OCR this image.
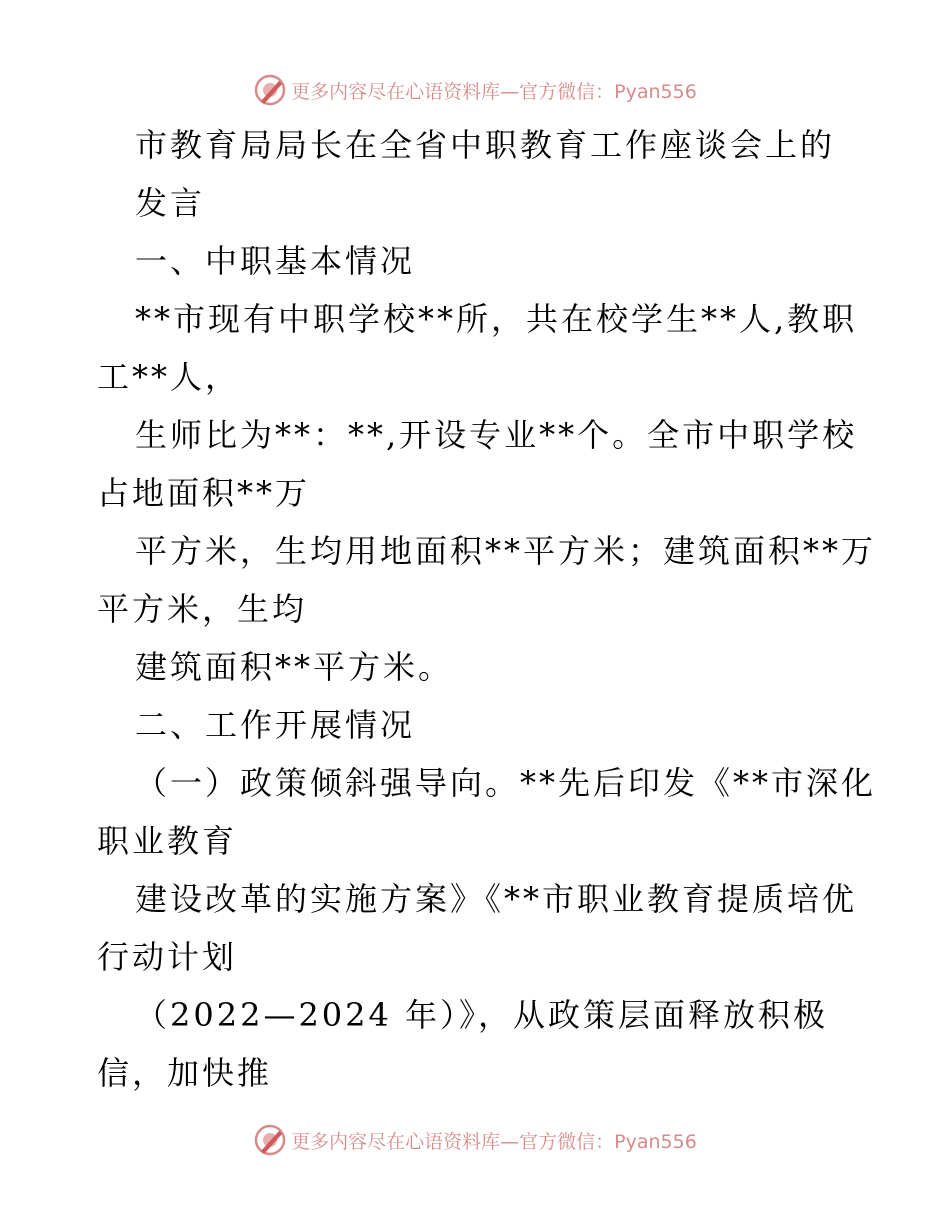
更多内容尽在心语资料库—官方微信：Pyan556
市教育局局长在全省中职教育工作座谈会上的
发言
一、中职基本情况
**市现有中职学校**所，共在校学生**人,教职
工**人，
生师比为**：**,开设专业**个。全市中职学校
占地面积**万
平方米，生均用地面积**平方米；建筑面积**万
平方米，生均
建筑面积**平方米。
二、工作开展情况
（一）政策倾斜强导向。**先后印发《**市深化
职业教育
建设改革的实施方案》《**市职业教育提质培优
行动计划
（2022—2024 年）》，从政策层面释放积极
信，加快推
更多内容尽在心语资料库—官方微信：Pyan556
